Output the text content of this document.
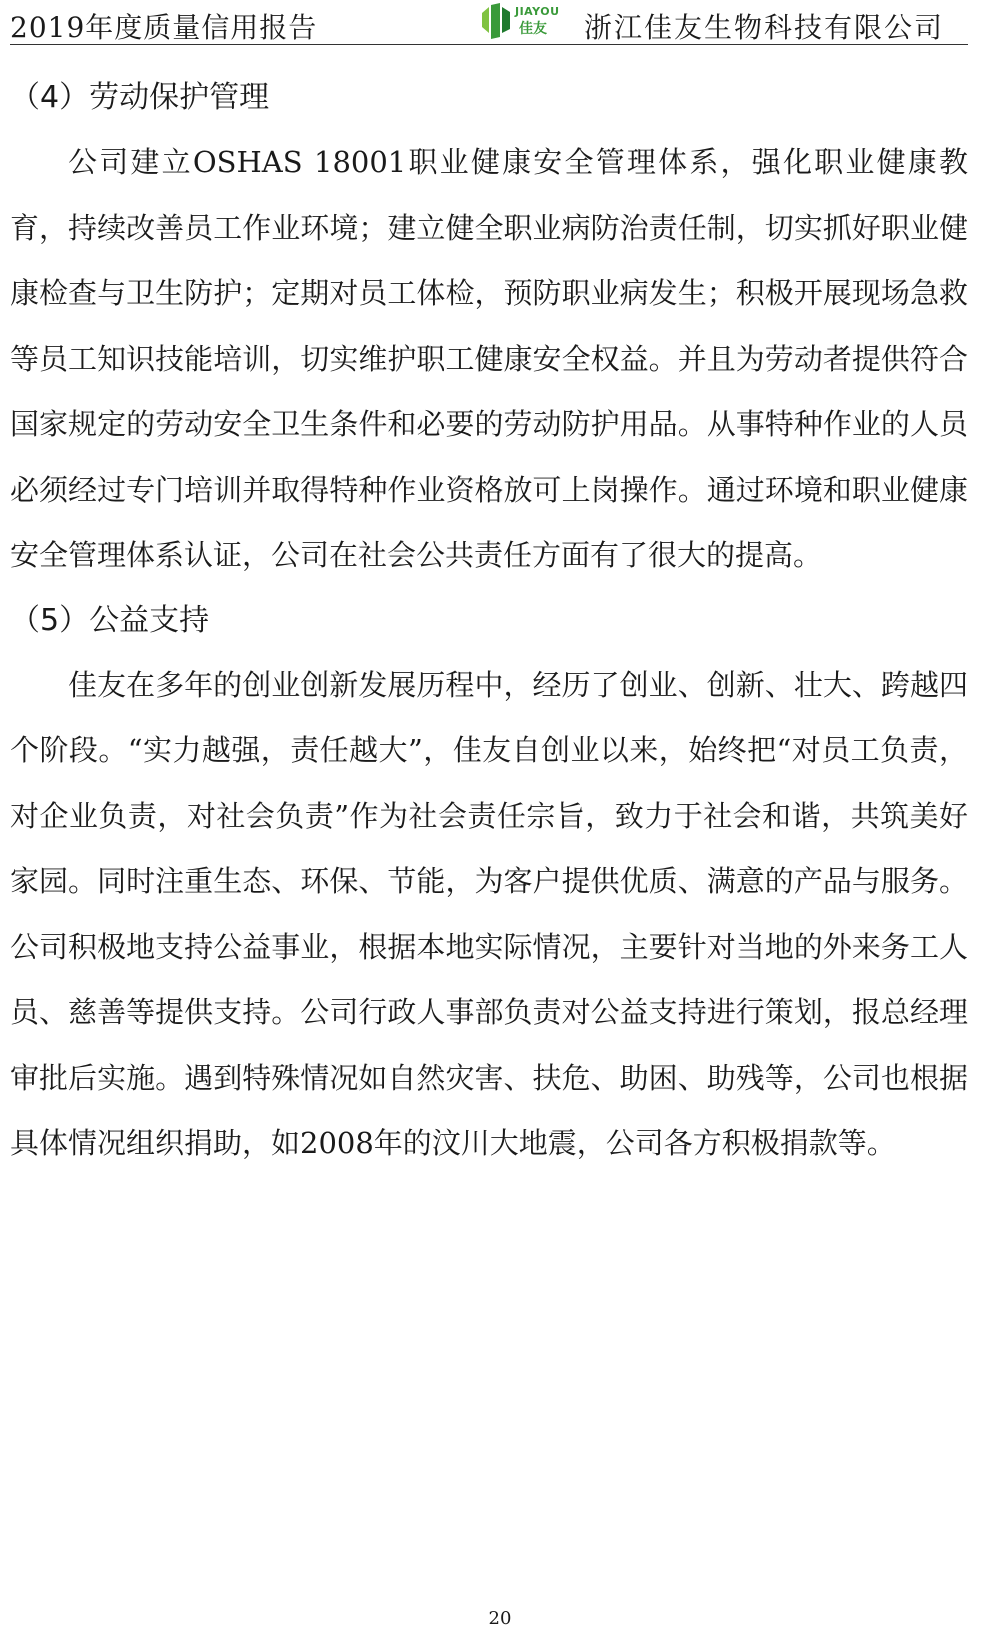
2019年度质量信用报告	JIAYOU
佳友 浙江佳友生物科技有限公司

（4）劳动保护管理

公司建立OSHAS 18001职业健康安全管理体系，强化职业健康教育，持续改善员工作业环境；建立健全职业病防治责任制，切实抓好职业健康检查与卫生防护；定期对员工体检，预防职业病发生；积极开展现场急救等员工知识技能培训，切实维护职工健康安全权益。并且为劳动者提供符合国家规定的劳动安全卫生条件和必要的劳动防护用品。从事特种作业的人员必须经过专门培训并取得特种作业资格放可上岗操作。通过环境和职业健康安全管理体系认证，公司在社会公共责任方面有了很大的提高。

（5）公益支持

佳友在多年的创业创新发展历程中，经历了创业、创新、壮大、跨越四个阶段。“实力越强，责任越大”，佳友自创业以来，始终把“对员工负责，对企业负责，对社会负责”作为社会责任宗旨，致力于社会和谐，共筑美好家园。同时注重生态、环保、节能，为客户提供优质、满意的产品与服务。公司积极地支持公益事业，根据本地实际情况，主要针对当地的外来务工人员、慈善等提供支持。公司行政人事部负责对公益支持进行策划，报总经理审批后实施。遇到特殊情况如自然灾害、扶危、助困、助残等，公司也根据具体情况组织捐助，如2008年的汶川大地震，公司各方积极捐款等。

20
